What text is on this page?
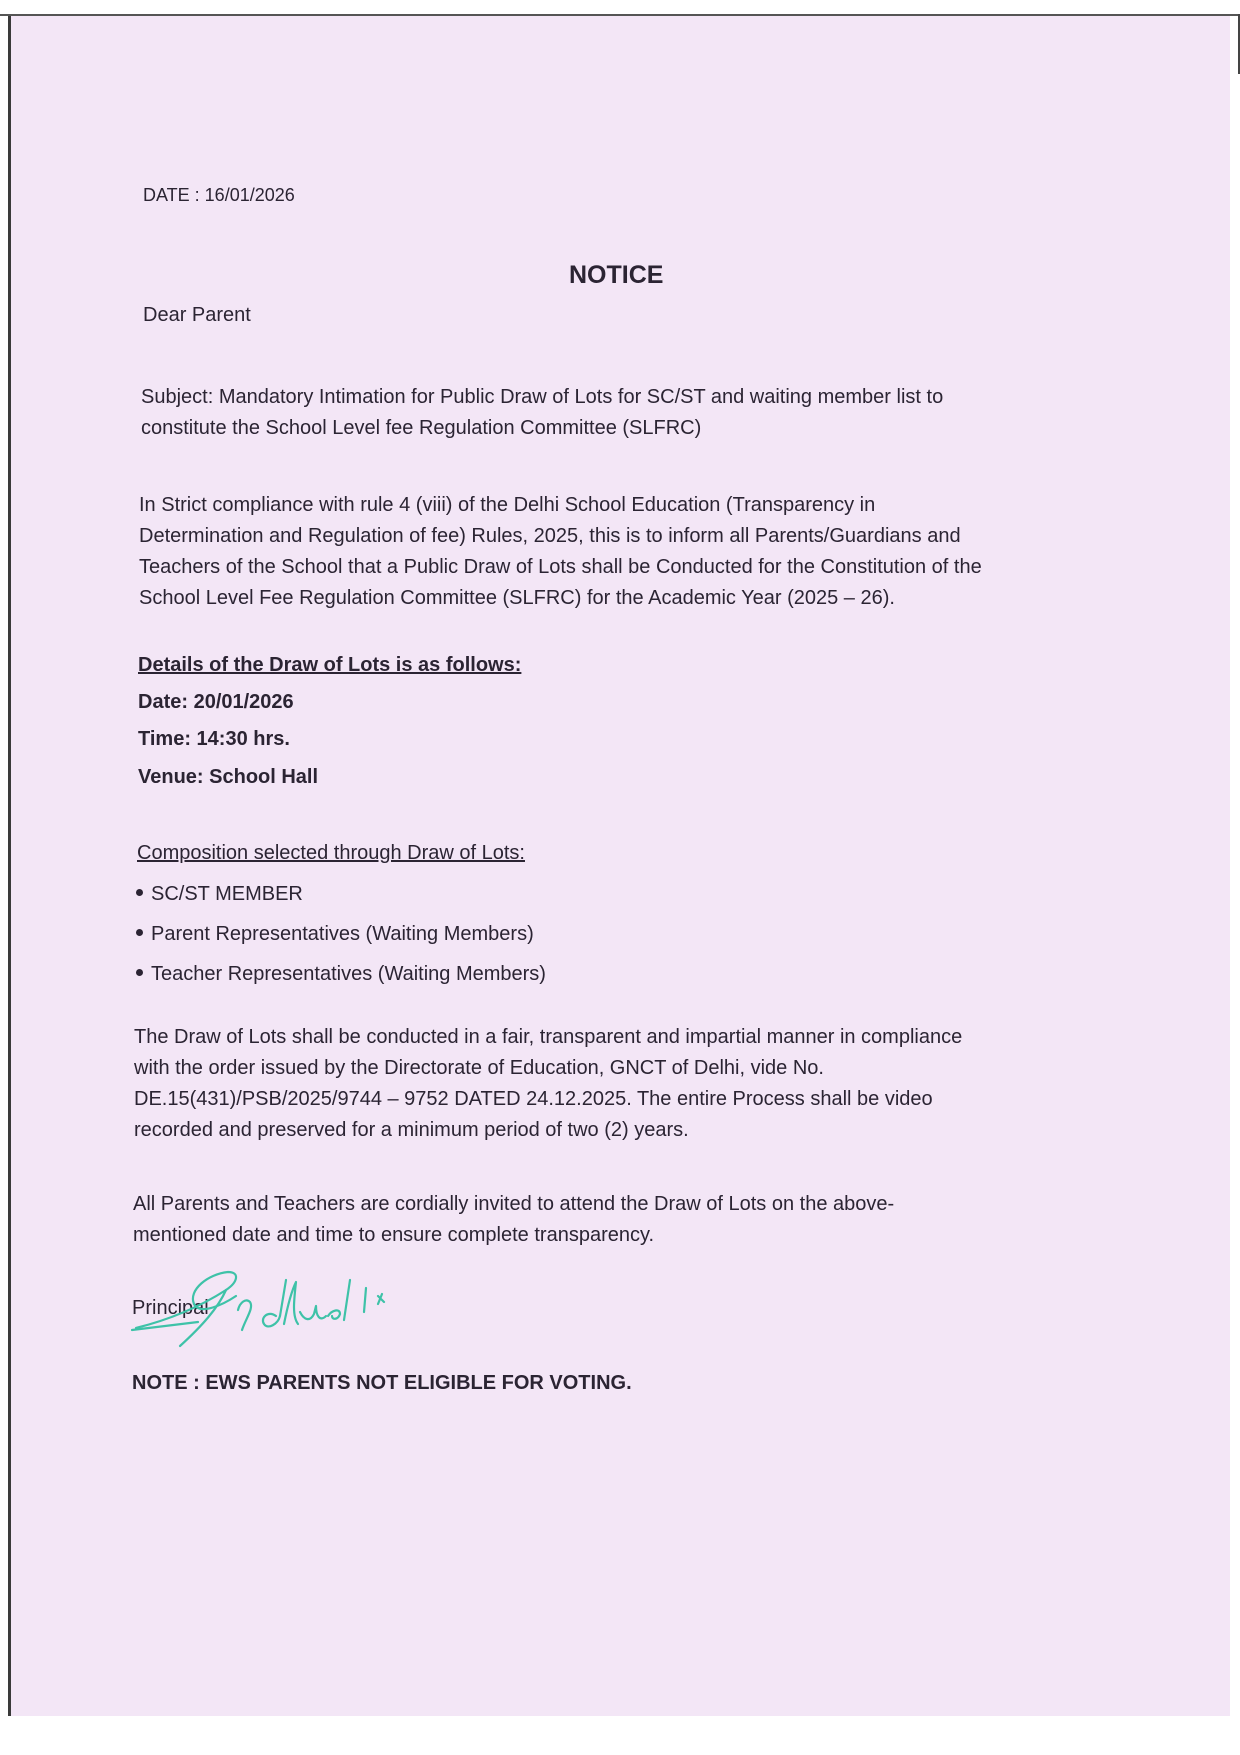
DATE : 16/01/2026
NOTICE
Dear Parent
Subject: Mandatory Intimation for Public Draw of Lots for SC/ST and waiting member list to
constitute the School Level fee Regulation Committee (SLFRC)
In Strict compliance with rule 4 (viii) of the Delhi School Education (Transparency in
Determination and Regulation of fee) Rules, 2025, this is to inform all Parents/Guardians and
Teachers of the School that a Public Draw of Lots shall be Conducted for the Constitution of the
School Level Fee Regulation Committee (SLFRC) for the Academic Year (2025 – 26).
Details of the Draw of Lots is as follows:
Date: 20/01/2026
Time: 14:30 hrs.
Venue: School Hall
Composition selected through Draw of Lots:
SC/ST MEMBER
Parent Representatives (Waiting Members)
Teacher Representatives (Waiting Members)
The Draw of Lots shall be conducted in a fair, transparent and impartial manner in compliance
with the order issued by the Directorate of Education, GNCT of Delhi, vide No.
DE.15(431)/PSB/2025/9744 – 9752 DATED 24.12.2025. The entire Process shall be video
recorded and preserved for a minimum period of two (2) years.
All Parents and Teachers are cordially invited to attend the Draw of Lots on the above-
mentioned date and time to ensure complete transparency.
Principal
NOTE : EWS PARENTS NOT ELIGIBLE FOR VOTING.
